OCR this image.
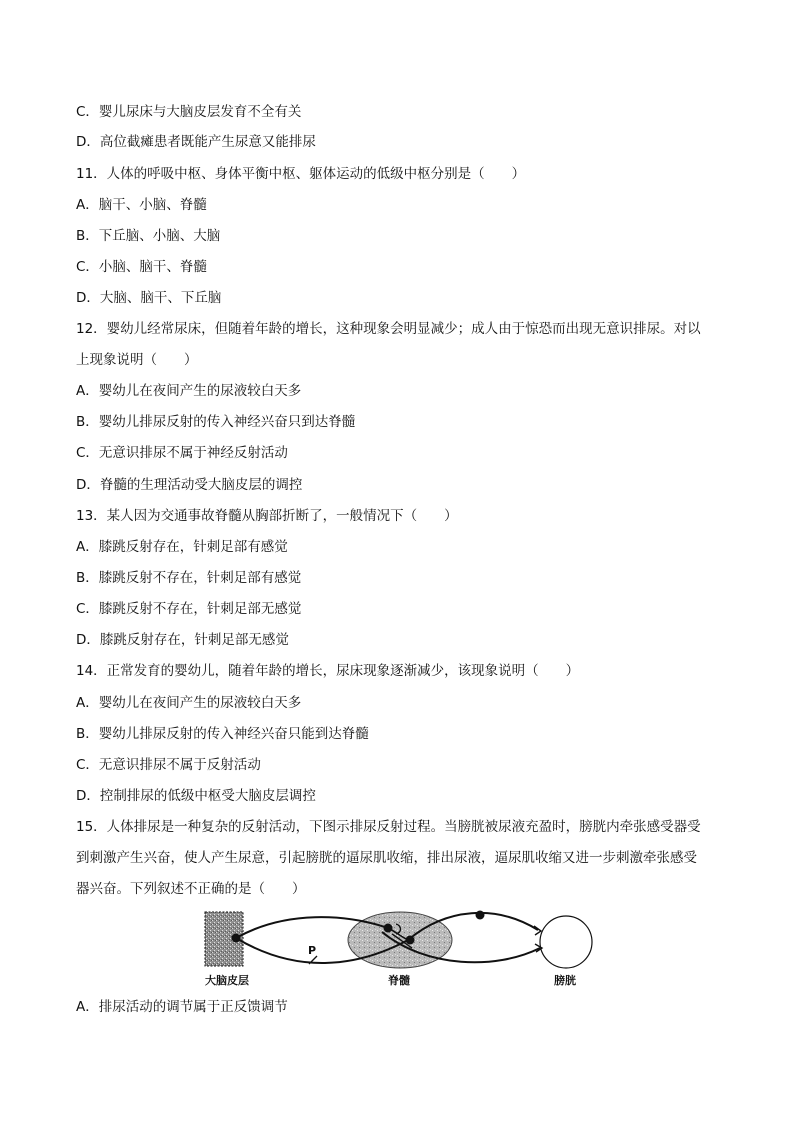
C．婴儿尿床与大脑皮层发育不全有关
D．高位截瘫患者既能产生尿意又能排尿
11．人体的呼吸中枢、身体平衡中枢、躯体运动的低级中枢分别是（　　）
A．脑干、小脑、脊髓
B．下丘脑、小脑、大脑
C．小脑、脑干、脊髓
D．大脑、脑干、下丘脑
12．婴幼儿经常尿床，但随着年龄的增长，这种现象会明显减少；成人由于惊恐而出现无意识排尿。对以
上现象说明（　　）
A．婴幼儿在夜间产生的尿液较白天多
B．婴幼儿排尿反射的传入神经兴奋只到达脊髓
C．无意识排尿不属于神经反射活动
D．脊髓的生理活动受大脑皮层的调控
13．某人因为交通事故脊髓从胸部折断了，一般情况下（　　）
A．膝跳反射存在，针刺足部有感觉
B．膝跳反射不存在，针刺足部有感觉
C．膝跳反射不存在，针刺足部无感觉
D．膝跳反射存在，针刺足部无感觉
14．正常发育的婴幼儿，随着年龄的增长，尿床现象逐渐减少，该现象说明（　　）
A．婴幼儿在夜间产生的尿液较白天多
B．婴幼儿排尿反射的传入神经兴奋只能到达脊髓
C．无意识排尿不属于反射活动
D．控制排尿的低级中枢受大脑皮层调控
15．人体排尿是一种复杂的反射活动，下图示排尿反射过程。当膀胱被尿液充盈时，膀胱内牵张感受器受
到刺激产生兴奋，使人产生尿意，引起膀胱的逼尿肌收缩，排出尿液，逼尿肌收缩又进一步刺激牵张感受
器兴奋。下列叙述不正确的是（　　）
P
大脑皮层	脊髓	膀胱
A．排尿活动的调节属于正反馈调节
